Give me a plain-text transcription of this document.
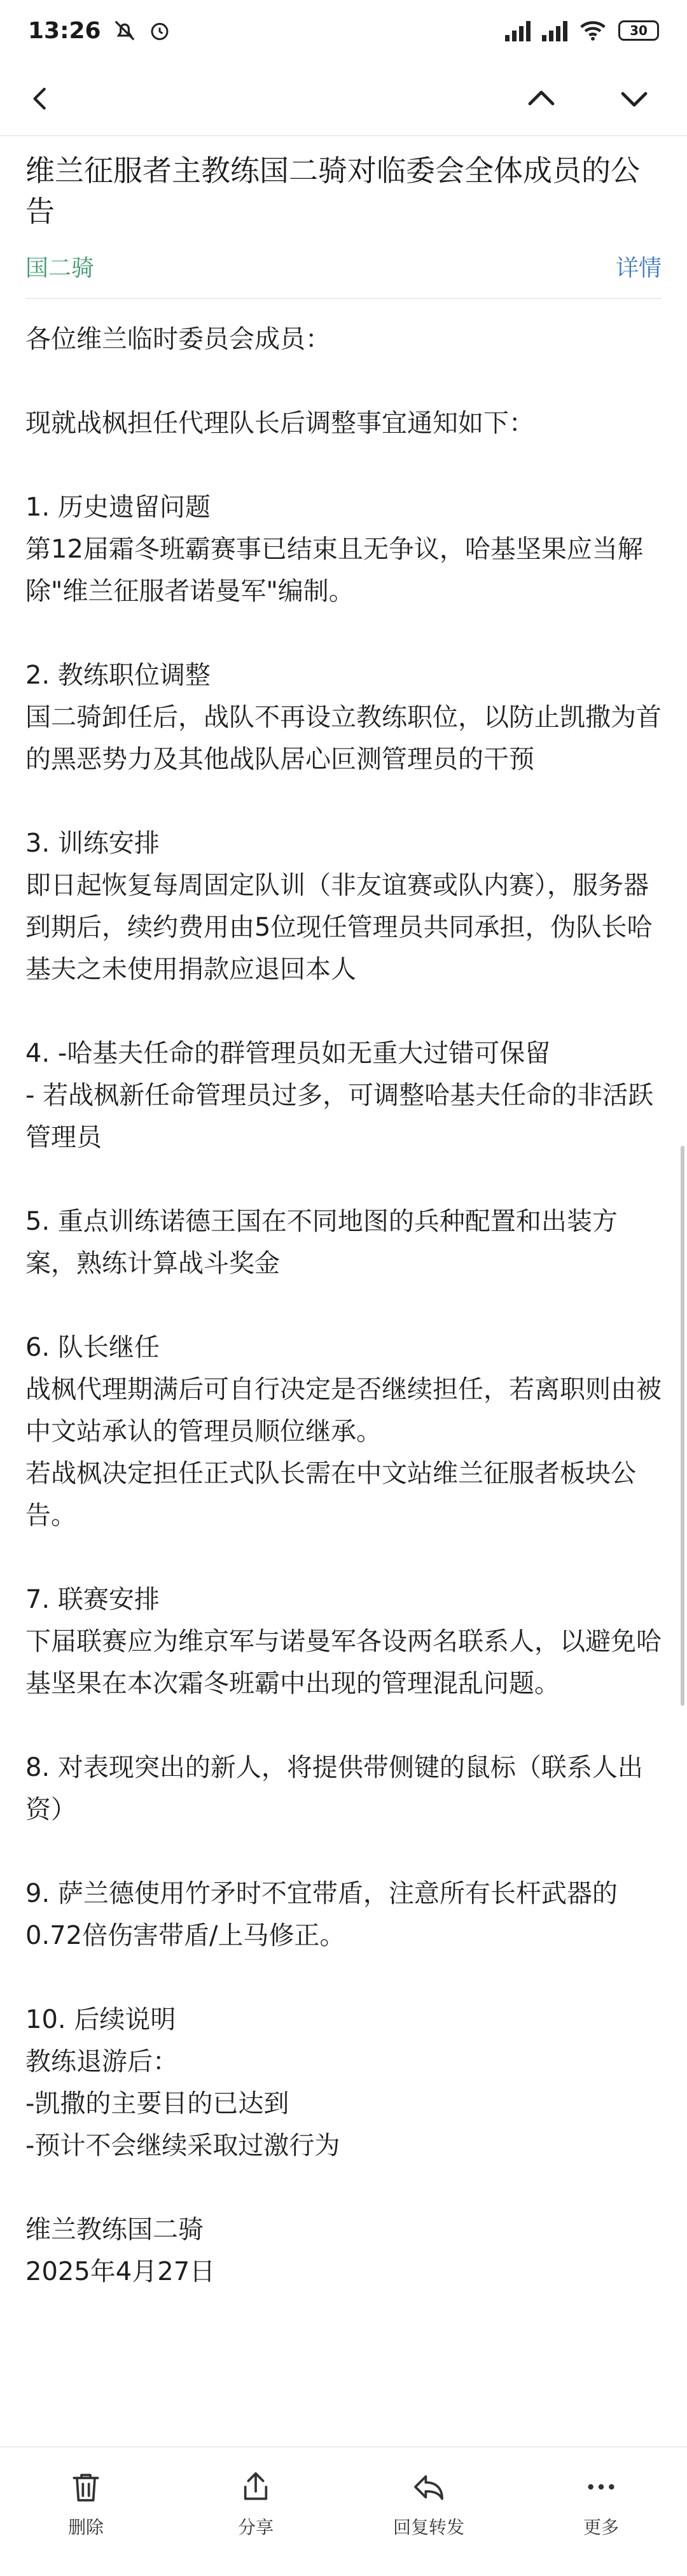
13:26	30
维兰征服者主教练国二骑对临委会全体成员的公告
国二骑	详情

各位维兰临时委员会成员：

现就战枫担任代理队长后调整事宜通知如下：

1. 历史遗留问题

第12届霜冬班霸赛事已结束且无争议，哈基坚果应当解除"维兰征服者诺曼军"编制。

2. 教练职位调整

国二骑卸任后，战队不再设立教练职位，以防止凯撒为首的黑恶势力及其他战队居心叵测管理员的干预

3. 训练安排

即日起恢复每周固定队训（非友谊赛或队内赛），服务器到期后，续约费用由5位现任管理员共同承担，伪队长哈基夫之未使用捐款应退回本人

4. -哈基夫任命的群管理员如无重大过错可保留

- 若战枫新任命管理员过多，可调整哈基夫任命的非活跃管理员

5. 重点训练诺德王国在不同地图的兵种配置和出装方案，熟练计算战斗奖金

6. 队长继任

战枫代理期满后可自行决定是否继续担任，若离职则由被中文站承认的管理员顺位继承。

若战枫决定担任正式队长需在中文站维兰征服者板块公告。

7. 联赛安排

下届联赛应为维京军与诺曼军各设两名联系人，以避免哈基坚果在本次霜冬班霸中出现的管理混乱问题。

8. 对表现突出的新人，将提供带侧键的鼠标（联系人出资）

9. 萨兰德使用竹矛时不宜带盾，注意所有长杆武器的0.72倍伤害带盾/上马修正。

10. 后续说明

教练退游后：

-凯撒的主要目的已达到

-预计不会继续采取过激行为

维兰教练国二骑

2025年4月27日

删除	分享	回复转发	更多
